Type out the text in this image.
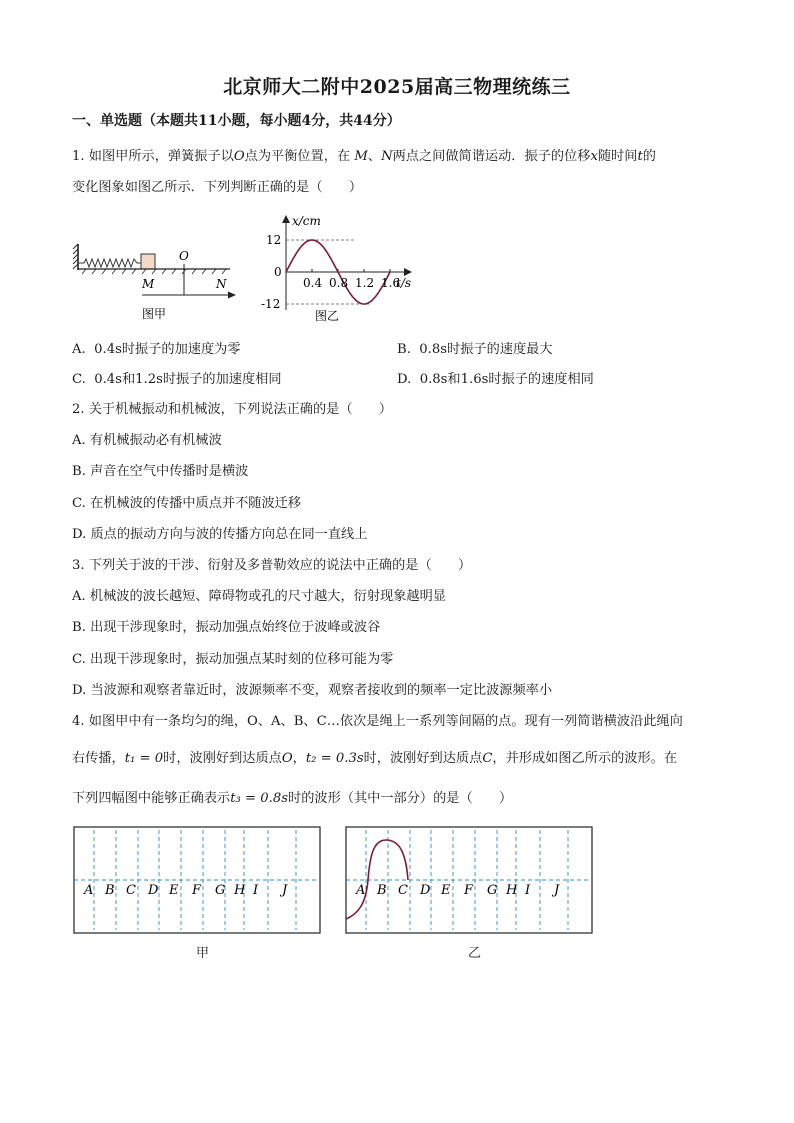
北京师大二附中2025届高三物理统练三
一、单选题（本题共11小题，每小题4分，共44分）
1. 如图甲所示，弹簧振子以O点为平衡位置，在 M、N两点之间做简谐运动．振子的位移x随时间t的
变化图象如图乙所示．下列判断正确的是（　　）
O
M	N
图甲
x/cm
12
0
-12
0.4 0.8 1.2 1.6
t/s
图乙
A. 0.4s时振子的加速度为零	B. 0.8s时振子的速度最大
C. 0.4s和1.2s时振子的加速度相同	D. 0.8s和1.6s时振子的速度相同
2. 关于机械振动和机械波，下列说法正确的是（　　）
A. 有机械振动必有机械波
B. 声音在空气中传播时是横波
C. 在机械波的传播中质点并不随波迁移
D. 质点的振动方向与波的传播方向总在同一直线上
3. 下列关于波的干涉、衍射及多普勒效应的说法中正确的是（　　）
A. 机械波的波长越短、障碍物或孔的尺寸越大，衍射现象越明显
B. 出现干涉现象时，振动加强点始终位于波峰或波谷
C. 出现干涉现象时，振动加强点某时刻的位移可能为零
D. 当波源和观察者靠近时，波源频率不变，观察者接收到的频率一定比波源频率小
4. 如图甲中有一条均匀的绳，O、A、B、C…依次是绳上一系列等间隔的点。现有一列简谐横波沿此绳向
右传播，t₁ = 0时，波刚好到达质点O，t₂ = 0.3s时，波刚好到达质点C，并形成如图乙所示的波形。在
下列四幅图中能够正确表示t₃ = 0.8s时的波形（其中一部分）的是（　　）
A B C D E F G H I J
甲
A B C D E F G H I J
乙
